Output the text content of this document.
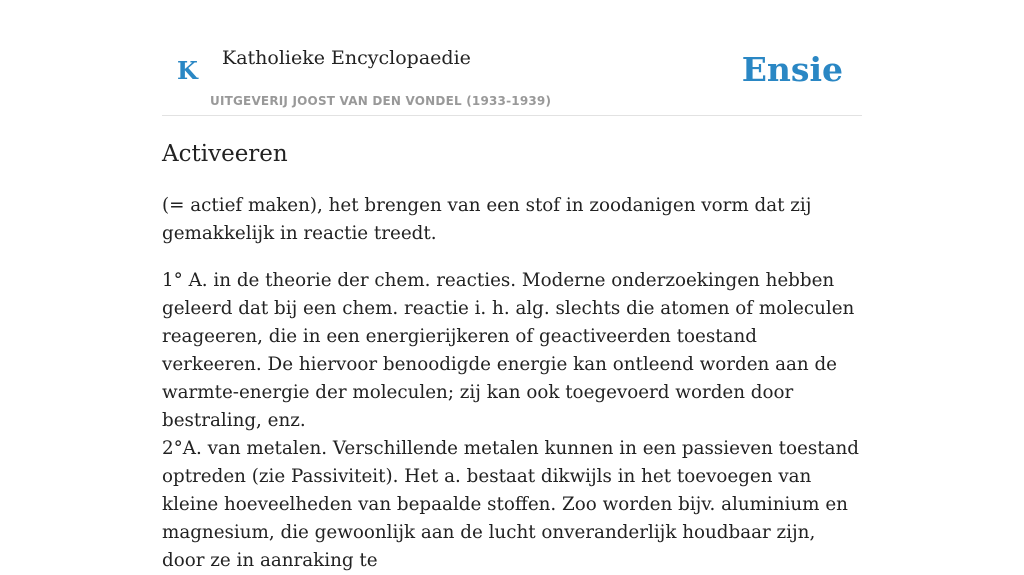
K Katholieke Encyclopaedie
UITGEVERIJ JOOST VAN DEN VONDEL (1933-1939)
Ensie
Activeeren

(= actief maken), het brengen van een stof in zoodanigen vorm dat zij gemakkelijk in reactie treedt.

1° A. in de theorie der chem. reacties. Moderne onderzoekingen hebben geleerd dat bij een chem. reactie i. h. alg. slechts die atomen of moleculen reageeren, die in een energierijkeren of geactiveerden toestand verkeeren. De hiervoor benoodigde energie kan ontleend worden aan de warmte-energie der moleculen; zij kan ook toegevoerd worden door bestraling, enz.

2°A. van metalen. Verschillende metalen kunnen in een passieven toestand optreden (zie Passiviteit). Het a. bestaat dikwijls in het toevoegen van kleine hoeveelheden van bepaalde stoffen. Zoo worden bijv. aluminium en magnesium, die gewoonlijk aan de lucht onveranderlijk houdbaar zijn, door ze in aanraking te
